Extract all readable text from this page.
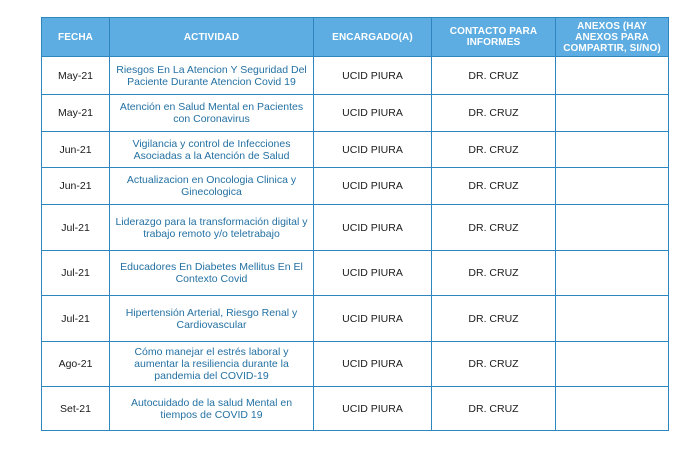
FECHA	ACTIVIDAD	ENCARGADO(A)	CONTACTO PARA INFORMES	ANEXOS (HAY ANEXOS PARA COMPARTIR, SI/NO)
May-21	Riesgos En La Atencion Y Seguridad Del Paciente Durante Atencion Covid 19	UCID PIURA	DR. CRUZ	
May-21	Atención en Salud Mental en Pacientes con Coronavirus	UCID PIURA	DR. CRUZ	
Jun-21	Vigilancia y control de Infecciones Asociadas a la Atención de Salud	UCID PIURA	DR. CRUZ	
Jun-21	Actualizacion en Oncologia Clinica y Ginecologica	UCID PIURA	DR. CRUZ	
Jul-21	Liderazgo para la transformación digital y trabajo remoto y/o teletrabajo	UCID PIURA	DR. CRUZ	
Jul-21	Educadores En Diabetes Mellitus En El Contexto Covid	UCID PIURA	DR. CRUZ	
Jul-21	Hipertensión Arterial, Riesgo Renal y Cardiovascular	UCID PIURA	DR. CRUZ	
Ago-21	Cómo manejar el estrés laboral y aumentar la resiliencia durante la pandemia del COVID-19	UCID PIURA	DR. CRUZ	
Set-21	Autocuidado de la salud Mental en tiempos de COVID 19	UCID PIURA	DR. CRUZ	
